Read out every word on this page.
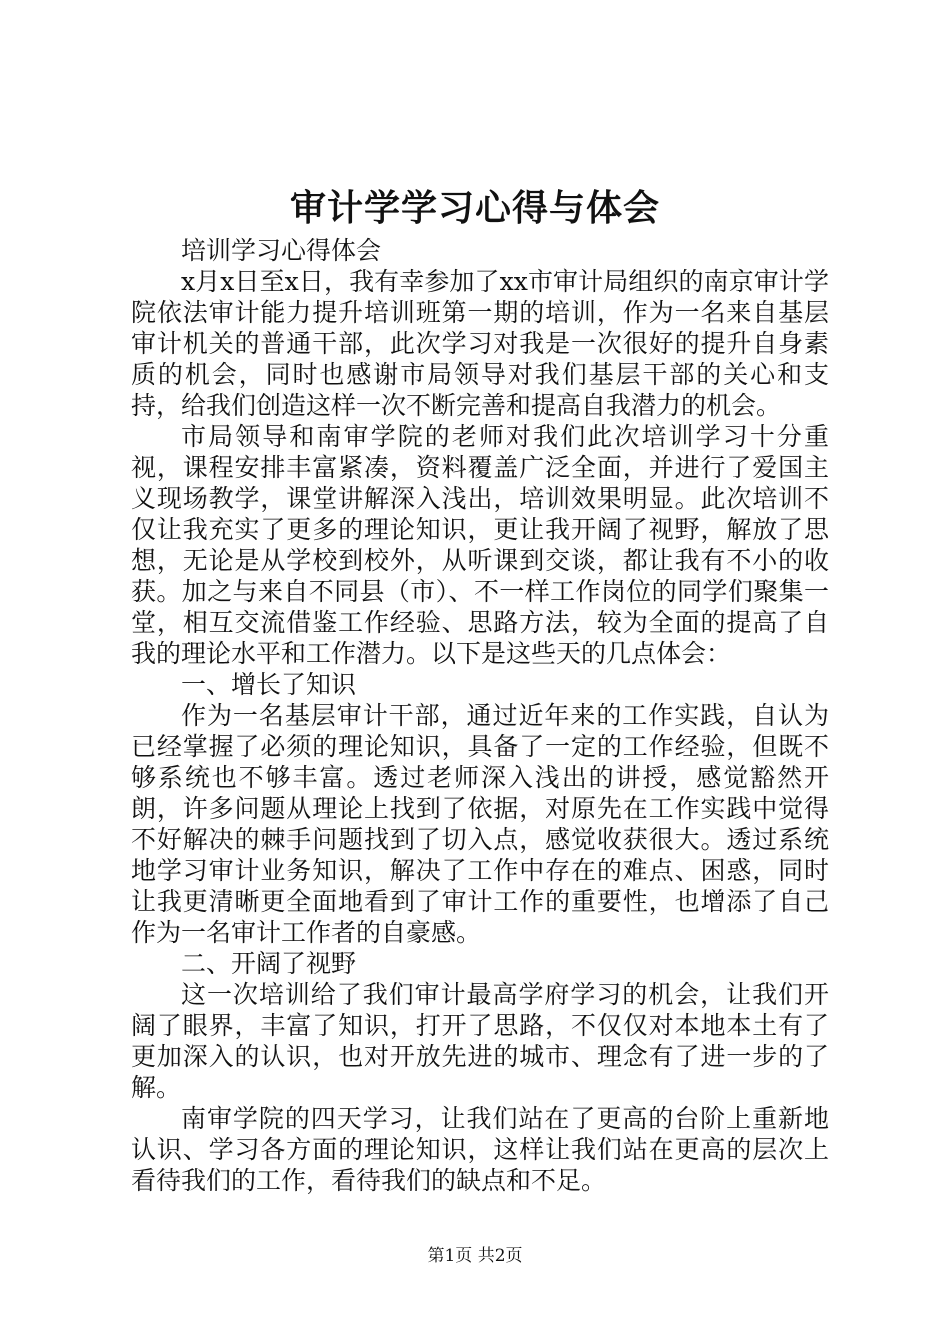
审计学学习心得与体会

培训学习心得体会

x月x日至x日，我有幸参加了xx市审计局组织的南京审计学院依法审计能力提升培训班第一期的培训，作为一名来自基层审计机关的普通干部，此次学习对我是一次很好的提升自身素质的机会，同时也感谢市局领导对我们基层干部的关心和支持，给我们创造这样一次不断完善和提高自我潜力的机会。

市局领导和南审学院的老师对我们此次培训学习十分重视，课程安排丰富紧凑，资料覆盖广泛全面，并进行了爱国主义现场教学，课堂讲解深入浅出，培训效果明显。此次培训不仅让我充实了更多的理论知识，更让我开阔了视野，解放了思想，无论是从学校到校外，从听课到交谈，都让我有不小的收获。加之与来自不同县（市）、不一样工作岗位的同学们聚集一堂，相互交流借鉴工作经验、思路方法，较为全面的提高了自我的理论水平和工作潜力。以下是这些天的几点体会：

一、增长了知识

作为一名基层审计干部，通过近年来的工作实践，自认为已经掌握了必须的理论知识，具备了一定的工作经验，但既不够系统也不够丰富。透过老师深入浅出的讲授，感觉豁然开朗，许多问题从理论上找到了依据，对原先在工作实践中觉得不好解决的棘手问题找到了切入点，感觉收获很大。透过系统地学习审计业务知识，解决了工作中存在的难点、困惑，同时让我更清晰更全面地看到了审计工作的重要性，也增添了自己作为一名审计工作者的自豪感。

二、开阔了视野

这一次培训给了我们审计最高学府学习的机会，让我们开阔了眼界，丰富了知识，打开了思路，不仅仅对本地本土有了更加深入的认识，也对开放先进的城市、理念有了进一步的了解。

南审学院的四天学习，让我们站在了更高的台阶上重新地认识、学习各方面的理论知识，这样让我们站在更高的层次上看待我们的工作，看待我们的缺点和不足。

第1页 共2页
